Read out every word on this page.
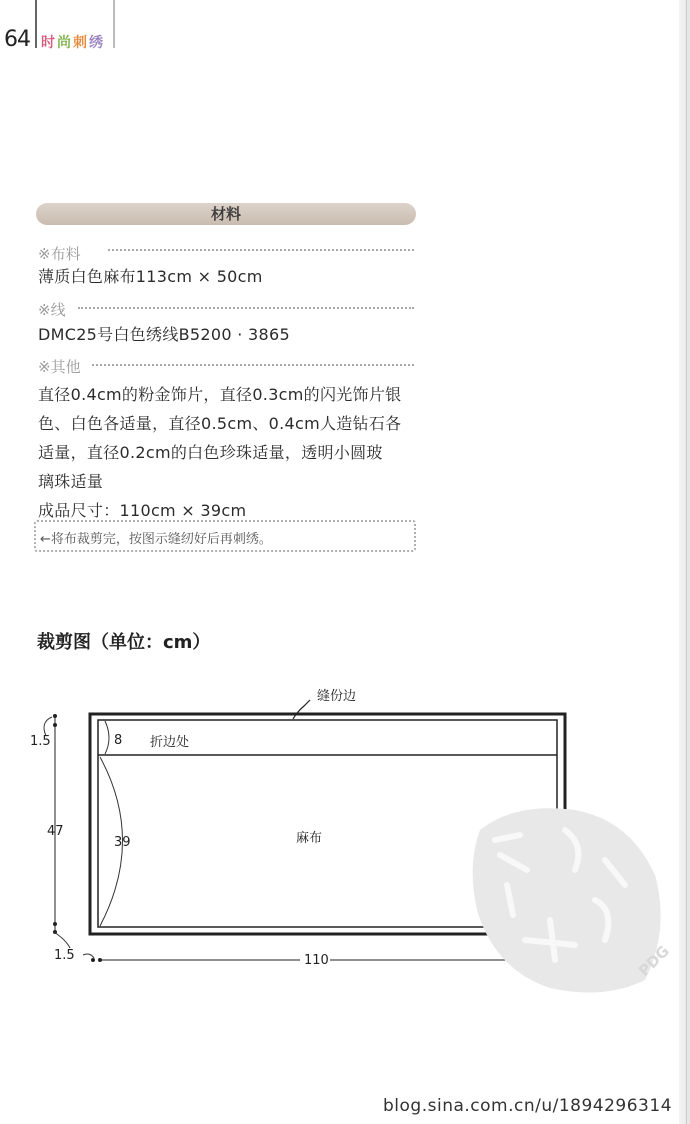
64 时尚刺绣
材料
※布料
薄质白色麻布113cm × 50cm
※线
DMC25号白色绣线B5200 · 3865
※其他
直径0.4cm的粉金饰片，直径0.3cm的闪光饰片银
色、白色各适量，直径0.5cm、0.4cm人造钻石各
适量，直径0.2cm的白色珍珠适量，透明小圆玻
璃珠适量
成品尺寸：110cm × 39cm
←将布裁剪完，按图示缝纫好后再刺绣。
裁剪图（单位：cm）
缝份边
折边处
8
麻布
39
47
1.5
1.5	110	PDG
blog.sina.com.cn/u/1894296314
